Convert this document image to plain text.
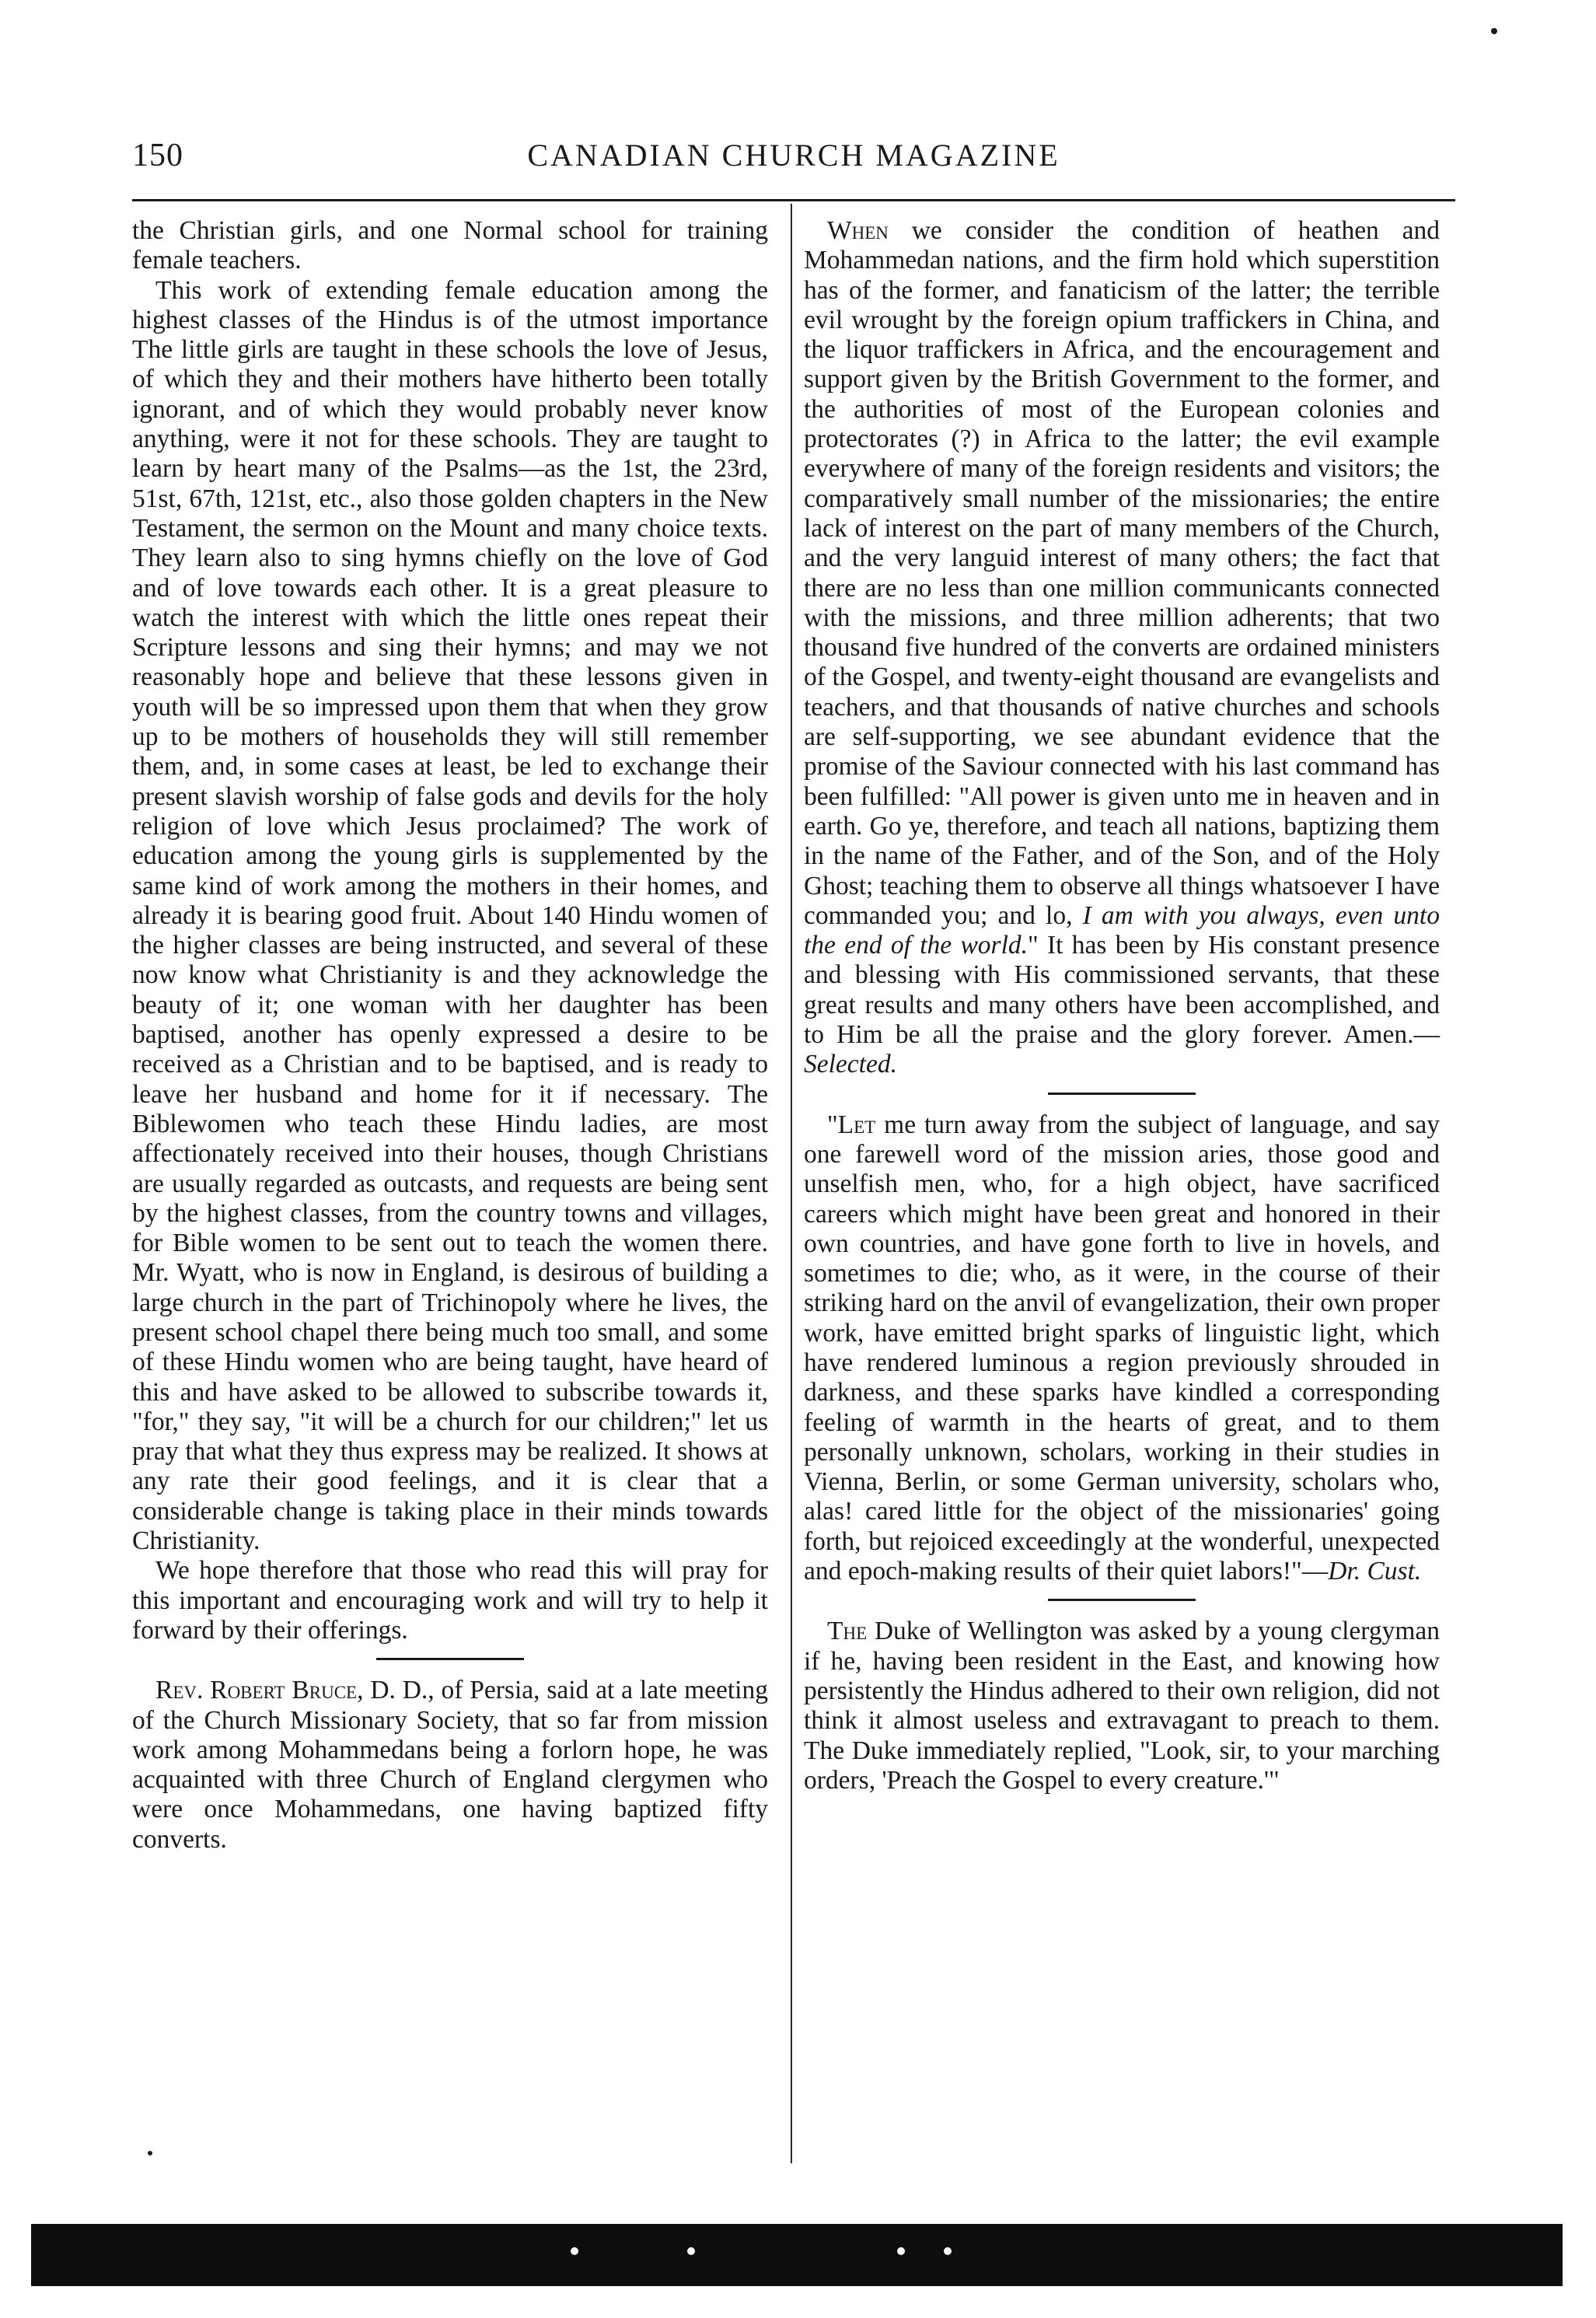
150	CANADIAN CHURCH MAGAZINE

the Christian girls, and one Normal school for training female teachers.

This work of extending female education among the highest classes of the Hindus is of the utmost importance The little girls are taught in these schools the love of Jesus, of which they and their mothers have hitherto been totally ignorant, and of which they would probably never know anything, were it not for these schools. They are taught to learn by heart many of the Psalms—as the 1st, the 23rd, 51st, 67th, 121st, etc., also those golden chapters in the New Testament, the sermon on the Mount and many choice texts. They learn also to sing hymns chiefly on the love of God and of love towards each other. It is a great pleasure to watch the interest with which the little ones repeat their Scripture lessons and sing their hymns; and may we not reasonably hope and believe that these lessons given in youth will be so impressed upon them that when they grow up to be mothers of households they will still remember them, and, in some cases at least, be led to exchange their present slavish worship of false gods and devils for the holy religion of love which Jesus proclaimed? The work of education among the young girls is supplemented by the same kind of work among the mothers in their homes, and already it is bearing good fruit. About 140 Hindu women of the higher classes are being instructed, and several of these now know what Christianity is and they acknowledge the beauty of it; one woman with her daughter has been baptised, another has openly expressed a desire to be received as a Christian and to be baptised, and is ready to leave her husband and home for it if necessary. The Biblewomen who teach these Hindu ladies, are most affectionately received into their houses, though Christians are usually regarded as outcasts, and requests are being sent by the highest classes, from the country towns and villages, for Bible women to be sent out to teach the women there. Mr. Wyatt, who is now in England, is desirous of building a large church in the part of Trichinopoly where he lives, the present school chapel there being much too small, and some of these Hindu women who are being taught, have heard of this and have asked to be allowed to subscribe towards it, "for," they say, "it will be a church for our children;" let us pray that what they thus express may be realized. It shows at any rate their good feelings, and it is clear that a considerable change is taking place in their minds towards Christianity.

We hope therefore that those who read this will pray for this important and encouraging work and will try to help it forward by their offerings.

Rev. Robert Bruce, D. D., of Persia, said at a late meeting of the Church Missionary Society, that so far from mission work among Mohammedans being a forlorn hope, he was acquainted with three Church of England clergymen who were once Mohammedans, one having baptized fifty converts.

When we consider the condition of heathen and Mohammedan nations, and the firm hold which superstition has of the former, and fanaticism of the latter; the terrible evil wrought by the foreign opium traffickers in China, and the liquor traffickers in Africa, and the encouragement and support given by the British Government to the former, and the authorities of most of the European colonies and protectorates (?) in Africa to the latter; the evil example everywhere of many of the foreign residents and visitors; the comparatively small number of the missionaries; the entire lack of interest on the part of many members of the Church, and the very languid interest of many others; the fact that there are no less than one million communicants connected with the missions, and three million adherents; that two thousand five hundred of the converts are ordained ministers of the Gospel, and twenty-eight thousand are evangelists and teachers, and that thousands of native churches and schools are self-supporting, we see abundant evidence that the promise of the Saviour connected with his last command has been fulfilled: "All power is given unto me in heaven and in earth. Go ye, therefore, and teach all nations, baptizing them in the name of the Father, and of the Son, and of the Holy Ghost; teaching them to observe all things whatsoever I have commanded you; and lo, I am with you always, even unto the end of the world." It has been by His constant presence and blessing with His commissioned servants, that these great results and many others have been accomplished, and to Him be all the praise and the glory forever. Amen.—Selected.

"Let me turn away from the subject of language, and say one farewell word of the mission aries, those good and unselfish men, who, for a high object, have sacrificed careers which might have been great and honored in their own countries, and have gone forth to live in hovels, and sometimes to die; who, as it were, in the course of their striking hard on the anvil of evangelization, their own proper work, have emitted bright sparks of linguistic light, which have rendered luminous a region previously shrouded in darkness, and these sparks have kindled a corresponding feeling of warmth in the hearts of great, and to them personally unknown, scholars, working in their studies in Vienna, Berlin, or some German university, scholars who, alas! cared little for the object of the missionaries' going forth, but rejoiced exceedingly at the wonderful, unexpected and epoch-making results of their quiet labors!"—Dr. Cust.

The Duke of Wellington was asked by a young clergyman if he, having been resident in the East, and knowing how persistently the Hindus adhered to their own religion, did not think it almost useless and extravagant to preach to them. The Duke immediately replied, "Look, sir, to your marching orders, 'Preach the Gospel to every creature.'"
